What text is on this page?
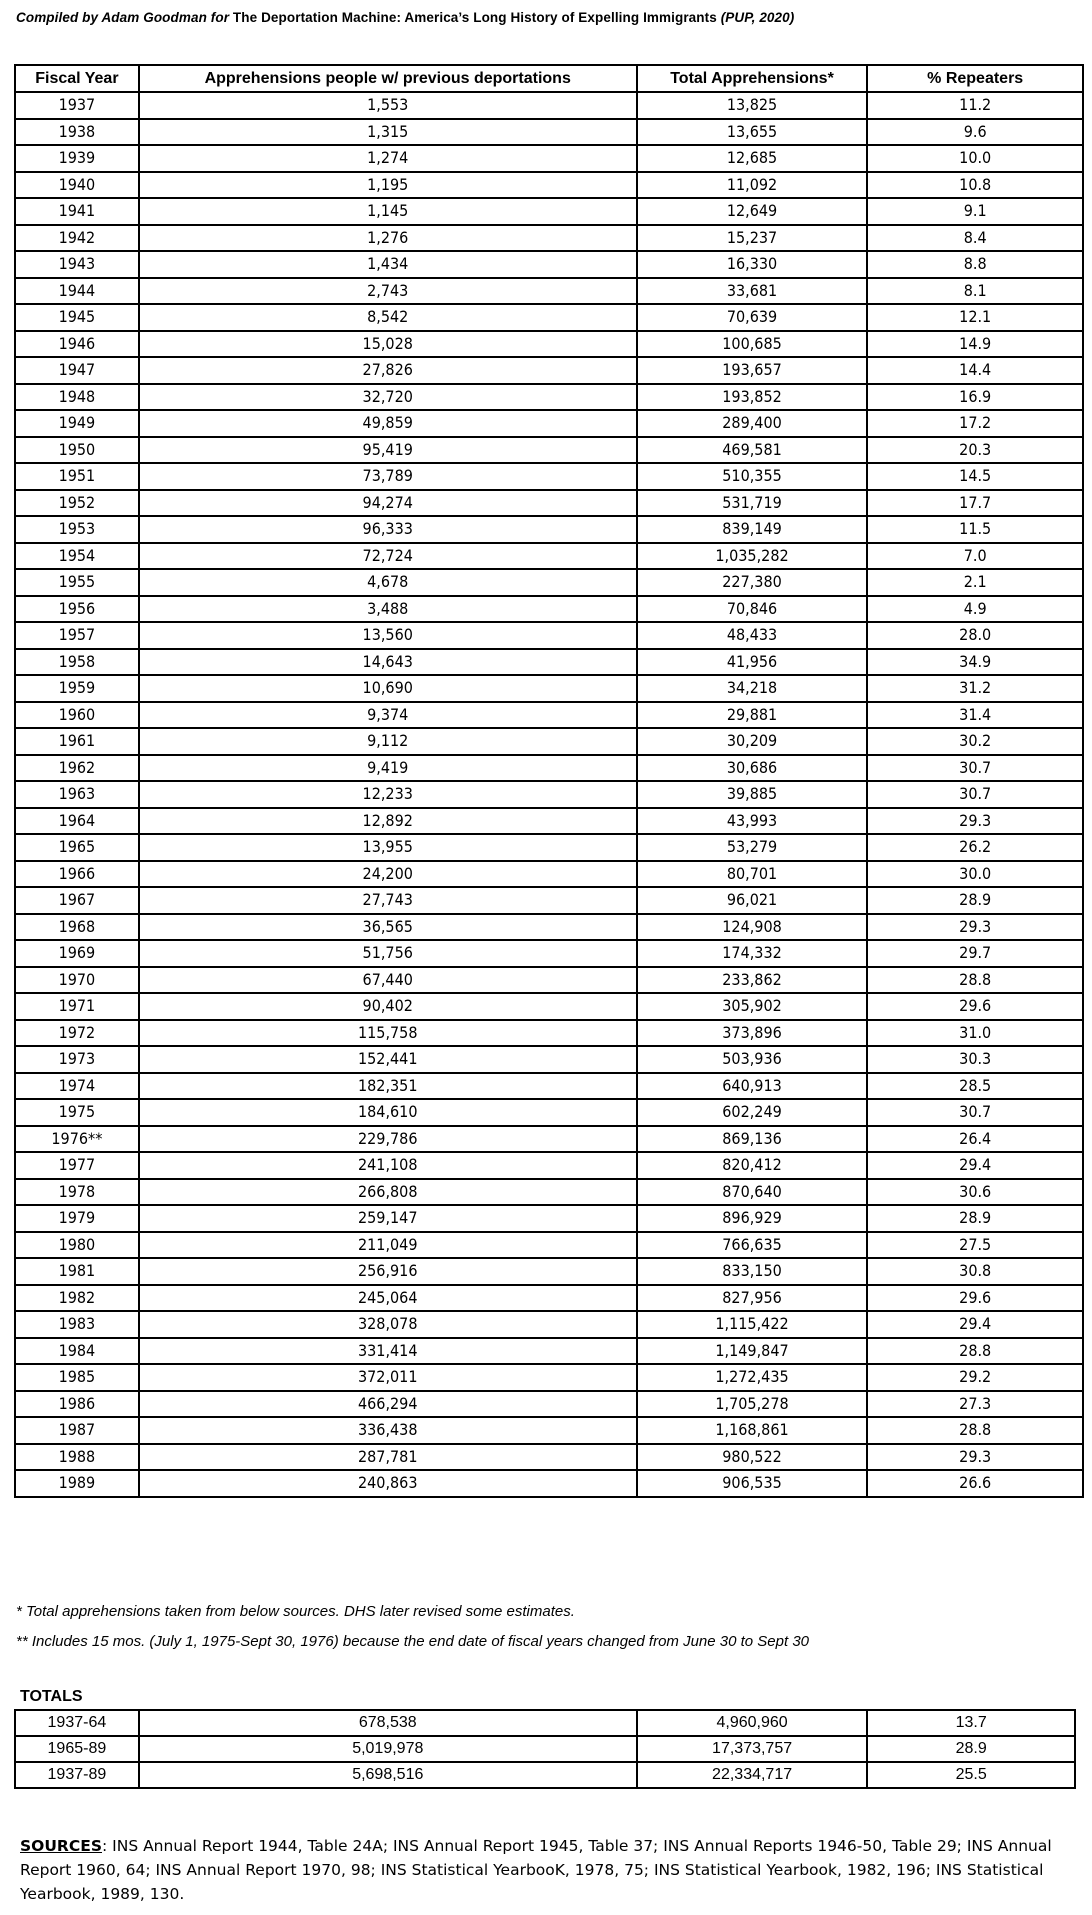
Compiled by Adam Goodman for The Deportation Machine: America’s Long History of Expelling Immigrants (PUP, 2020)
Fiscal Year	Apprehensions people w/ previous deportations	Total Apprehensions*	% Repeaters
1937	1,553	13,825	11.2
1938	1,315	13,655	9.6
1939	1,274	12,685	10.0
1940	1,195	11,092	10.8
1941	1,145	12,649	9.1
1942	1,276	15,237	8.4
1943	1,434	16,330	8.8
1944	2,743	33,681	8.1
1945	8,542	70,639	12.1
1946	15,028	100,685	14.9
1947	27,826	193,657	14.4
1948	32,720	193,852	16.9
1949	49,859	289,400	17.2
1950	95,419	469,581	20.3
1951	73,789	510,355	14.5
1952	94,274	531,719	17.7
1953	96,333	839,149	11.5
1954	72,724	1,035,282	7.0
1955	4,678	227,380	2.1
1956	3,488	70,846	4.9
1957	13,560	48,433	28.0
1958	14,643	41,956	34.9
1959	10,690	34,218	31.2
1960	9,374	29,881	31.4
1961	9,112	30,209	30.2
1962	9,419	30,686	30.7
1963	12,233	39,885	30.7
1964	12,892	43,993	29.3
1965	13,955	53,279	26.2
1966	24,200	80,701	30.0
1967	27,743	96,021	28.9
1968	36,565	124,908	29.3
1969	51,756	174,332	29.7
1970	67,440	233,862	28.8
1971	90,402	305,902	29.6
1972	115,758	373,896	31.0
1973	152,441	503,936	30.3
1974	182,351	640,913	28.5
1975	184,610	602,249	30.7
1976**	229,786	869,136	26.4
1977	241,108	820,412	29.4
1978	266,808	870,640	30.6
1979	259,147	896,929	28.9
1980	211,049	766,635	27.5
1981	256,916	833,150	30.8
1982	245,064	827,956	29.6
1983	328,078	1,115,422	29.4
1984	331,414	1,149,847	28.8
1985	372,011	1,272,435	29.2
1986	466,294	1,705,278	27.3
1987	336,438	1,168,861	28.8
1988	287,781	980,522	29.3
1989	240,863	906,535	26.6
* Total apprehensions taken from below sources. DHS later revised some estimates.
** Includes 15 mos. (July 1, 1975-Sept 30, 1976) because the end date of fiscal years changed from June 30 to Sept 30
TOTALS
1937-64	678,538	4,960,960	13.7
1965-89	5,019,978	17,373,757	28.9
1937-89	5,698,516	22,334,717	25.5
SOURCES: INS Annual Report 1944, Table 24A; INS Annual Report 1945, Table 37; INS Annual Reports 1946-50, Table 29; INS Annual Report 1960, 64; INS Annual Report 1970, 98; INS Statistical YearbooK, 1978, 75; INS Statistical Yearbook, 1982, 196; INS Statistical Yearbook, 1989, 130.
